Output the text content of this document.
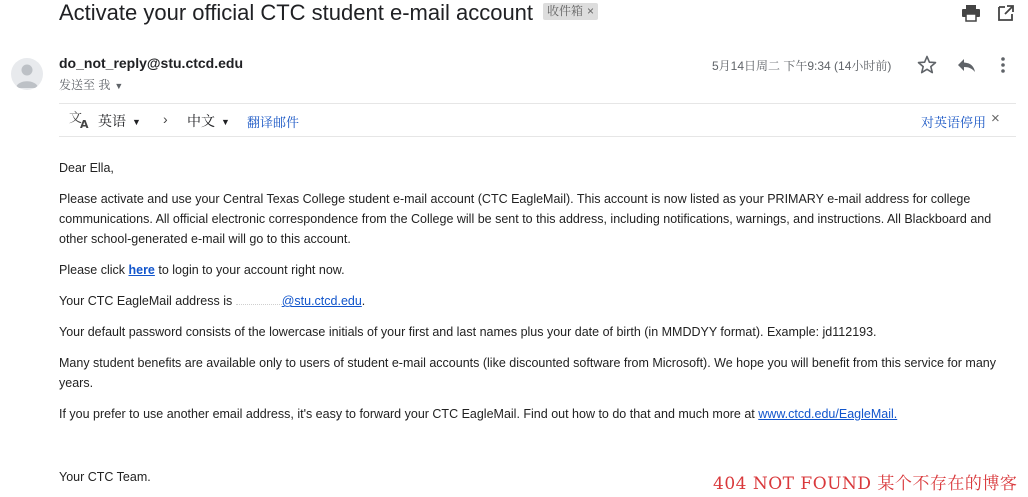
Activate your official CTC student e-mail account 收件箱 ×
do_not_reply@stu.ctcd.edu
发送至 我 ▼
5月14日周二 下午9:34 (14小时前)
文
A 英语 ▼ › 中文 ▼ 翻译邮件	对英语停用 ×

Dear Ella,

Please activate and use your Central Texas College student e-mail account (CTC EagleMail). This account is now listed as your PRIMARY e-mail address for college communications. All official electronic correspondence from the College will be sent to this address, including notifications, warnings, and instructions. All Blackboard and other school-generated e-mail will go to this account.

Please click here to login to your account right now.

Your CTC EagleMail address is	@stu.ctcd.edu.

Your default password consists of the lowercase initials of your first and last names plus your date of birth (in MMDDYY format). Example: jd112193.

Many student benefits are available only to users of student e-mail accounts (like discounted software from Microsoft). We hope you will benefit from this service for many years.

If you prefer to use another email address, it's easy to forward your CTC EagleMail. Find out how to do that and much more at www.ctcd.edu/EagleMail.

Your CTC Team.	404 NOT FOUND 某个不存在的博客
